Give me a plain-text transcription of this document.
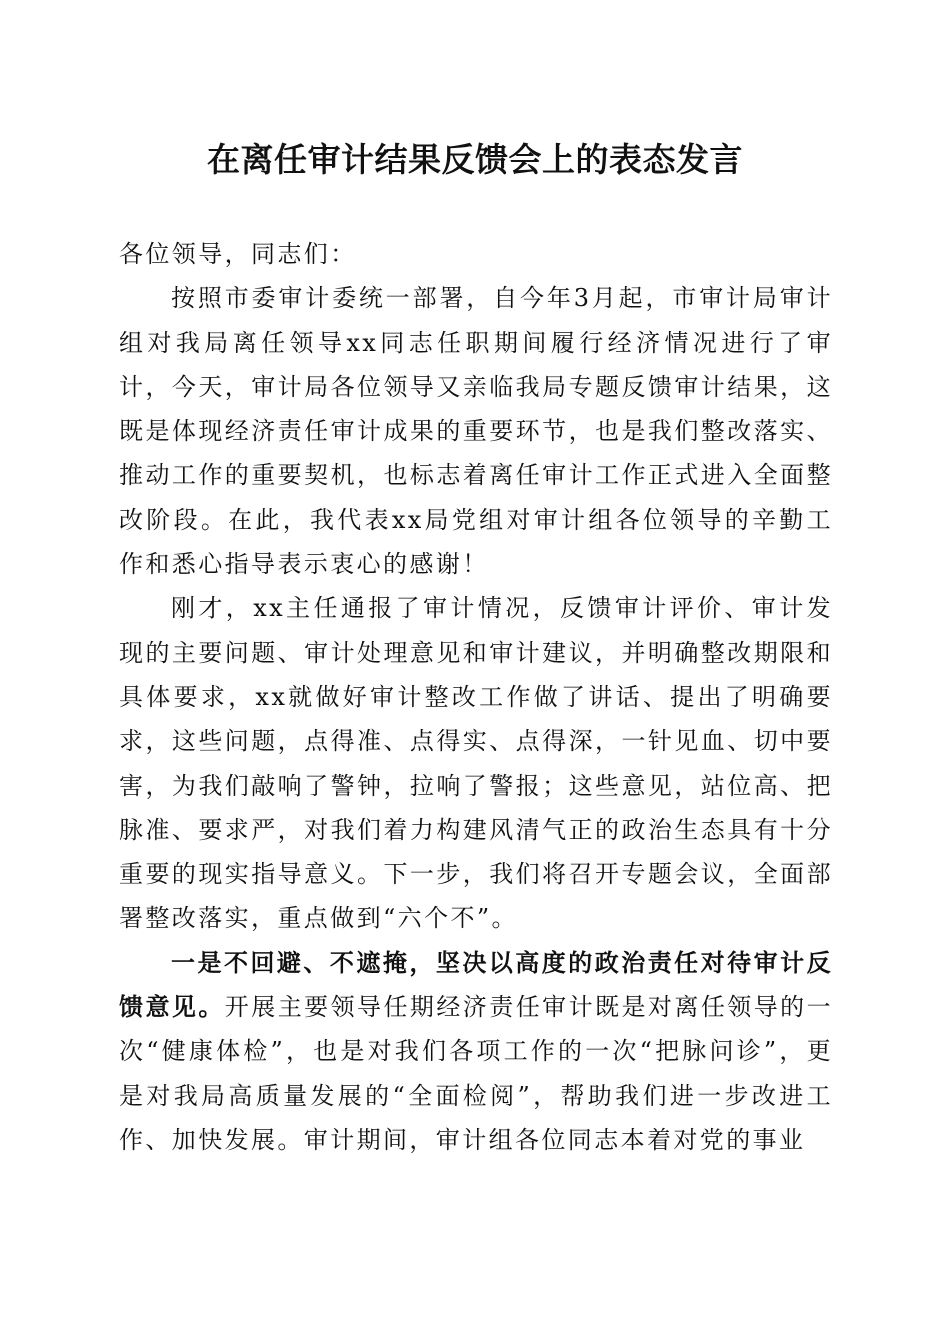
在离任审计结果反馈会上的表态发言

各位领导，同志们：

按照市委审计委统一部署，自今年3月起，市审计局审计组对我局离任领导xx同志任职期间履行经济情况进行了审计，今天，审计局各位领导又亲临我局专题反馈审计结果，这既是体现经济责任审计成果的重要环节，也是我们整改落实、推动工作的重要契机，也标志着离任审计工作正式进入全面整改阶段。在此，我代表xx局党组对审计组各位领导的辛勤工作和悉心指导表示衷心的感谢！

刚才，xx主任通报了审计情况，反馈审计评价、审计发现的主要问题、审计处理意见和审计建议，并明确整改期限和具体要求，xx就做好审计整改工作做了讲话、提出了明确要求，这些问题，点得准、点得实、点得深，一针见血、切中要害，为我们敲响了警钟，拉响了警报；这些意见，站位高、把脉准、要求严，对我们着力构建风清气正的政治生态具有十分重要的现实指导意义。下一步，我们将召开专题会议，全面部署整改落实，重点做到“六个不”。

一是不回避、不遮掩，坚决以高度的政治责任对待审计反馈意见。开展主要领导任期经济责任审计既是对离任领导的一次“健康体检”，也是对我们各项工作的一次“把脉问诊”，更是对我局高质量发展的“全面检阅”，帮助我们进一步改进工作、加快发展。审计期间，审计组各位同志本着对党的事业
